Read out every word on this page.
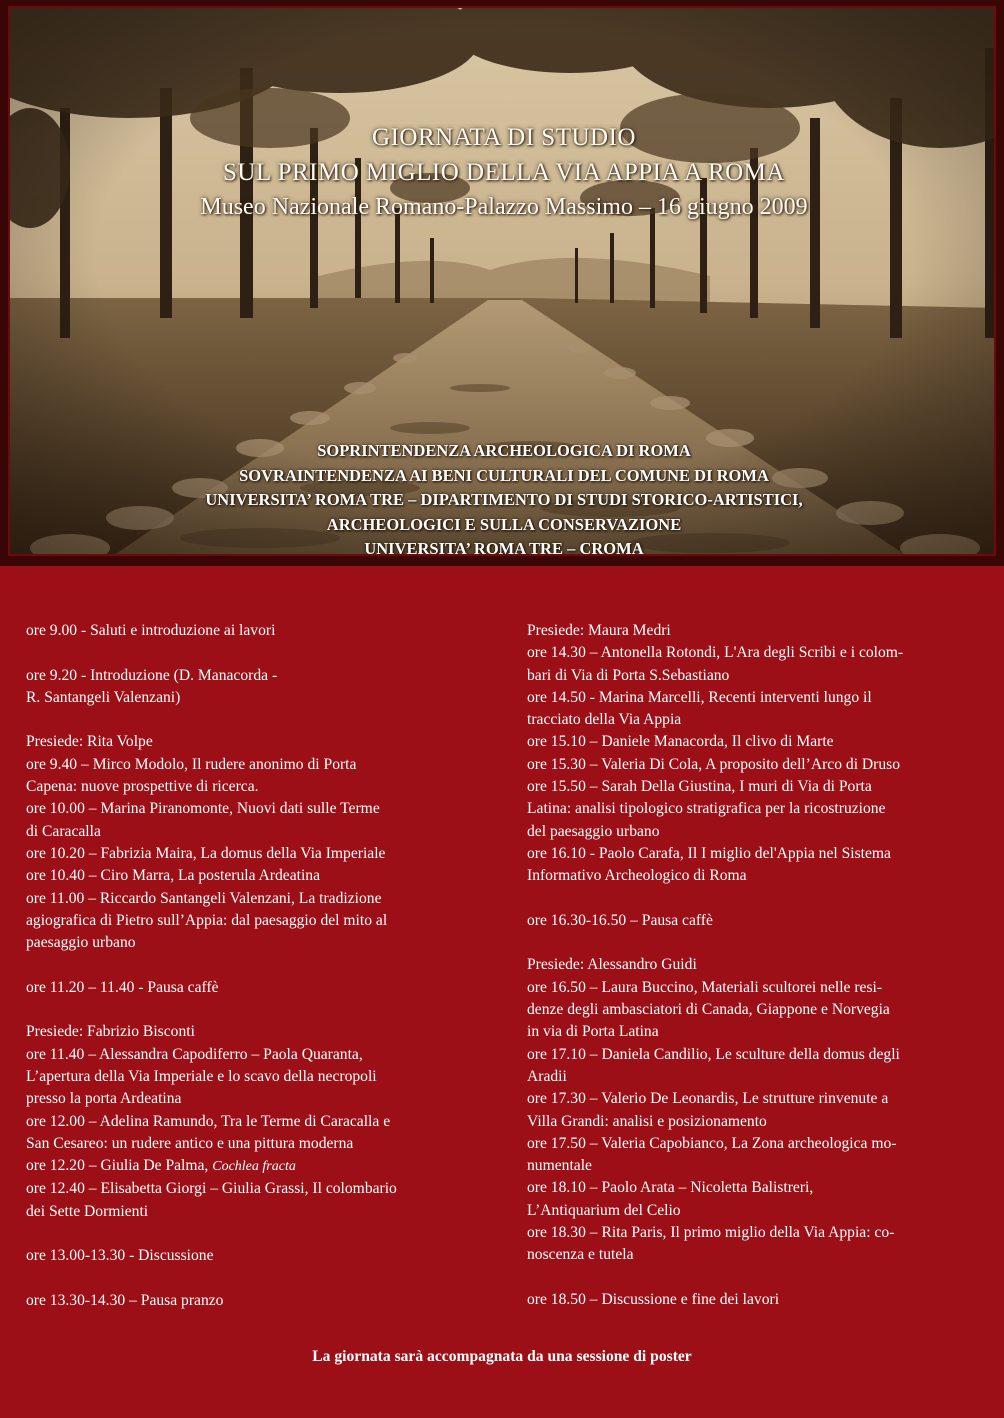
GIORNATA DI STUDIO
SUL PRIMO MIGLIO DELLA VIA APPIA A ROMA
Museo Nazionale Romano-Palazzo Massimo – 16 giugno 2009
SOPRINTENDENZA ARCHEOLOGICA DI ROMA
SOVRAINTENDENZA AI BENI CULTURALI DEL COMUNE DI ROMA
UNIVERSITA’ ROMA TRE – DIPARTIMENTO DI STUDI STORICO-ARTISTICI,
ARCHEOLOGICI E SULLA CONSERVAZIONE
UNIVERSITA’ ROMA TRE – CROMA
ore 9.00 - Saluti e introduzione ai lavori
ore 9.20 - Introduzione (D. Manacorda -
R. Santangeli Valenzani)
Presiede: Rita Volpe
ore 9.40 – Mirco Modolo, Il rudere anonimo di Porta
Capena: nuove prospettive di ricerca.
ore 10.00 – Marina Piranomonte, Nuovi dati sulle Terme
di Caracalla
ore 10.20 – Fabrizia Maira, La domus della Via Imperiale
ore 10.40 – Ciro Marra, La posterula Ardeatina
ore 11.00 – Riccardo Santangeli Valenzani, La tradizione
agiografica di Pietro sull’Appia: dal paesaggio del mito al
paesaggio urbano
ore 11.20 – 11.40 - Pausa caffè
Presiede: Fabrizio Bisconti
ore 11.40 – Alessandra Capodiferro – Paola Quaranta,
L’apertura della Via Imperiale e lo scavo della necropoli
presso la porta Ardeatina
ore 12.00 – Adelina Ramundo, Tra le Terme di Caracalla e
San Cesareo: un rudere antico e una pittura moderna
ore 12.20 – Giulia De Palma, Cochlea fracta
ore 12.40 – Elisabetta Giorgi – Giulia Grassi, Il colombario
dei Sette Dormienti
ore 13.00-13.30 - Discussione
ore 13.30-14.30 – Pausa pranzo
Presiede: Maura Medri
ore 14.30 – Antonella Rotondi, L'Ara degli Scribi e i colom-
bari di Via di Porta S.Sebastiano
ore 14.50 - Marina Marcelli, Recenti interventi lungo il
tracciato della Via Appia
ore 15.10 – Daniele Manacorda, Il clivo di Marte
ore 15.30 – Valeria Di Cola, A proposito dell’Arco di Druso
ore 15.50 – Sarah Della Giustina, I muri di Via di Porta
Latina: analisi tipologico stratigrafica per la ricostruzione
del paesaggio urbano
ore 16.10 - Paolo Carafa, Il I miglio del'Appia nel Sistema
Informativo Archeologico di Roma
ore 16.30-16.50 – Pausa caffè
Presiede: Alessandro Guidi
ore 16.50 – Laura Buccino, Materiali scultorei nelle resi-
denze degli ambasciatori di Canada, Giappone e Norvegia
in via di Porta Latina
ore 17.10 – Daniela Candilio, Le sculture della domus degli
Aradii
ore 17.30 – Valerio De Leonardis, Le strutture rinvenute a
Villa Grandi: analisi e posizionamento
ore 17.50 – Valeria Capobianco, La Zona archeologica mo-
numentale
ore 18.10 – Paolo Arata – Nicoletta Balistreri,
L’Antiquarium del Celio
ore 18.30 – Rita Paris, Il primo miglio della Via Appia: co-
noscenza e tutela
ore 18.50 – Discussione e fine dei lavori
La giornata sarà accompagnata da una sessione di poster
